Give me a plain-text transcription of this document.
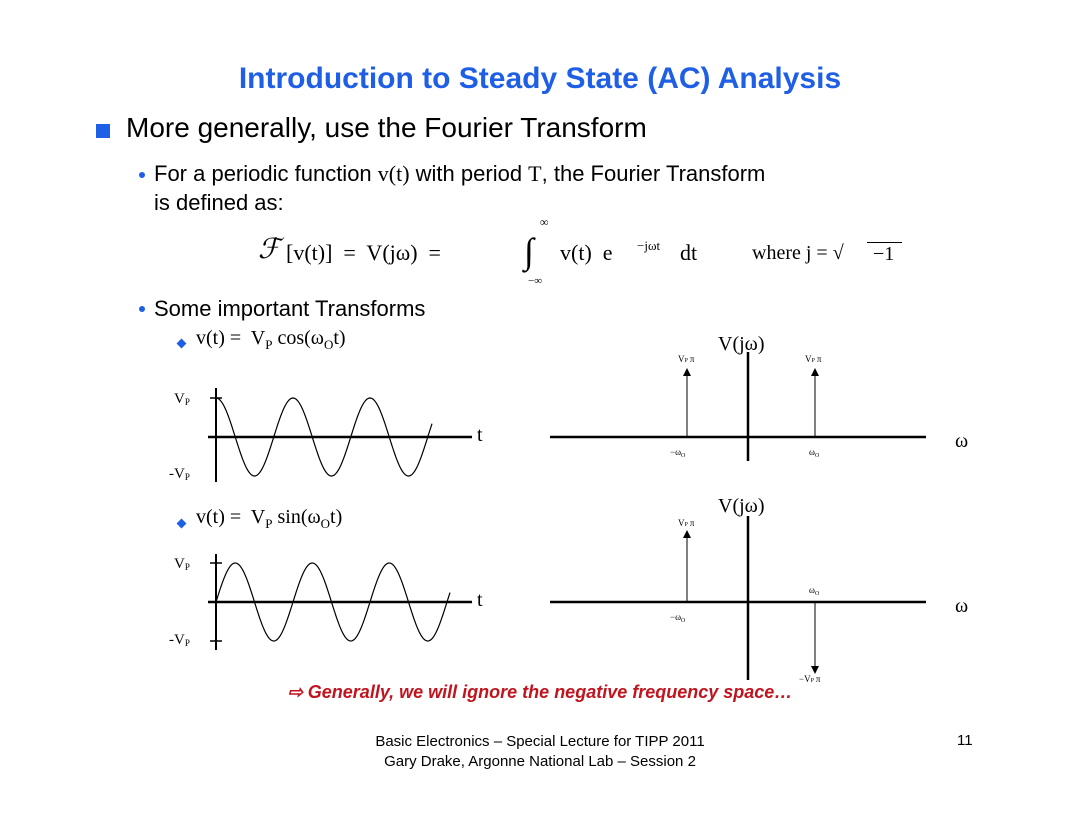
Introduction to Steady State (AC) Analysis
More generally, use the Fourier Transform
For a periodic function v(t) with period T, the Fourier Transform
is defined as:
ℱ [v(t)]  =  V(jω)  = ∫
∞
−∞
v(t)  e −jωt dt	where j = √	−1
Some important Transforms
$v(t) = V_P$ $\cos(\omega_Ot)$
$v(t) = V_P$ $\sin(\omega_Ot)$
t
VP
-VP
t
VP
-VP
V(jω)
VP π	VP π
$-\omega_O$	$\omega_O$
ω
V(jω)
VP π
−VP π
$-\omega_O$
$\omega_O$
ω
⇨ Generally, we will ignore the negative frequency space…
Basic Electronics – Special Lecture for TIPP 2011
Gary Drake, Argonne National Lab – Session 2
11
